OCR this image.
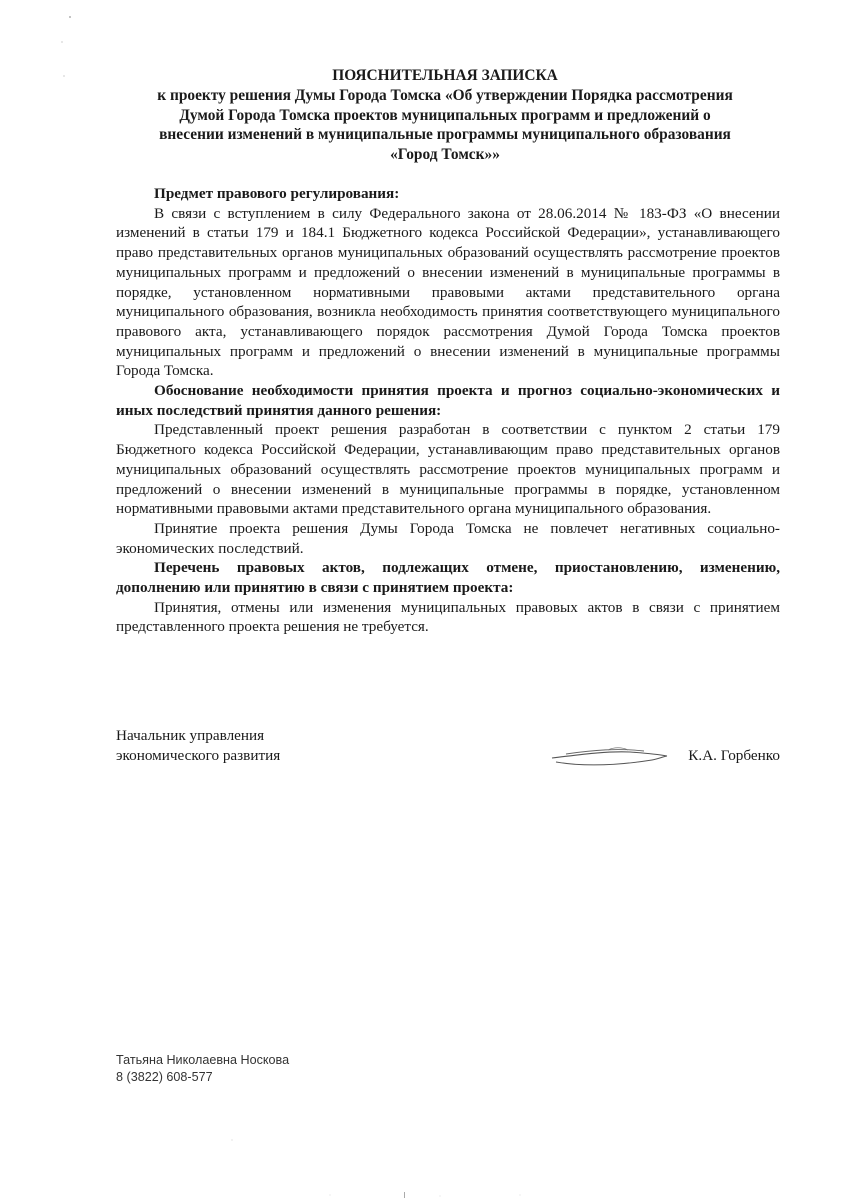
ПОЯСНИТЕЛЬНАЯ ЗАПИСКА
к проекту решения Думы Города Томска «Об утверждении Порядка рассмотрения
Думой Города Томска проектов муниципальных программ и предложений о
внесении изменений в муниципальные программы муниципального образования
«Город Томск»»

Предмет правового регулирования:

В связи с вступлением в силу Федерального закона от 28.06.2014 № 183-ФЗ «О внесении изменений в статьи 179 и 184.1 Бюджетного кодекса Российской Федерации», устанавливающего право представительных органов муниципальных образований осуществлять рассмотрение проектов муниципальных программ и предложений о внесении изменений в муниципальные программы в порядке, установленном нормативными правовыми актами представительного органа муниципального образования, возникла необходимость принятия соответствующего муниципального правового акта, устанавливающего порядок рассмотрения Думой Города Томска проектов муниципальных программ и предложений о внесении изменений в муниципальные программы Города Томска.

Обоснование необходимости принятия проекта и прогноз социально-экономических и иных последствий принятия данного решения:

Представленный проект решения разработан в соответствии с пунктом 2 статьи 179 Бюджетного кодекса Российской Федерации, устанавливающим право представительных органов муниципальных образований осуществлять рассмотрение проектов муниципальных программ и предложений о внесении изменений в муниципальные программы в порядке, установленном нормативными правовыми актами представительного органа муниципального образования.

Принятие проекта решения Думы Города Томска не повлечет негативных социально-экономических последствий.

Перечень правовых актов, подлежащих отмене, приостановлению, изменению, дополнению или принятию в связи с принятием проекта:

Принятия, отмены или изменения муниципальных правовых актов в связи с принятием представленного проекта решения не требуется.

Начальник управления
экономического развития	К.А. Горбенко
Татьяна Николаевна Носкова
8 (3822) 608-577
